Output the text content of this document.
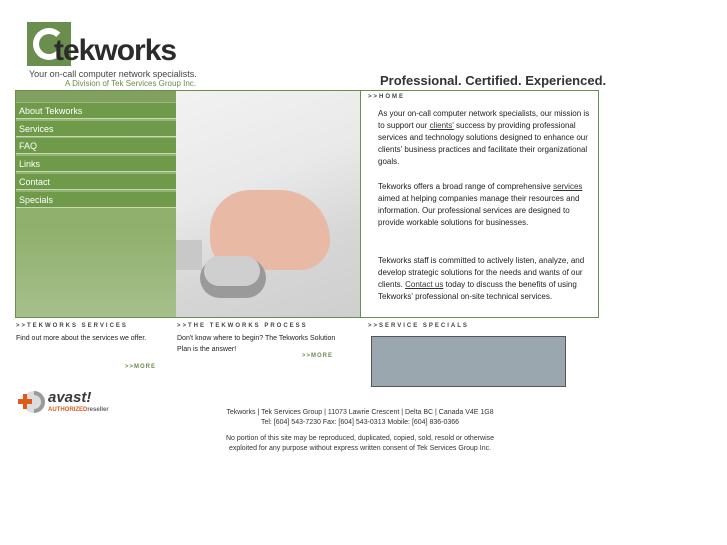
tekworks
Your on-call computer network specialists.
A Division of Tek Services Group Inc.	Professional. Certified. Experienced.
About Tekworks
Services
FAQ
Links
Contact
Specials
>>HOME
As your on-call computer network specialists, our mission is to support our clients' success by providing professional services and technology solutions designed to enhance our clients' business practices and facilitate their organizational goals.
Tekworks offers a broad range of comprehensive services aimed at helping companies manage their resources and information. Our professional services are designed to provide workable solutions for businesses.
Tekworks staff is committed to actively listen, analyze, and develop strategic solutions for the needs and wants of our clients. Contact us today to discuss the benefits of using Tekworks' professional on-site technical services.
>>TEKWORKS SERVICES
Find out more about the services we offer.
>>MORE
>>THE TEKWORKS PROCESS
Don't know where to begin? The Tekworks Solution Plan is the answer!
>>MORE
>>SERVICE SPECIALS
avast!
AUTHORIZEDreseller	Tekworks | Tek Services Group | 11073 Lawrie Crescent | Delta BC | Canada V4E 1G8
Tel: [604] 543-7230 Fax: [604] 543-0313 Mobile: [604] 836-0366
No portion of this site may be reproduced, duplicated, copied, sold, resold or otherwise
exploited for any purpose without express written consent of Tek Services Group Inc.
